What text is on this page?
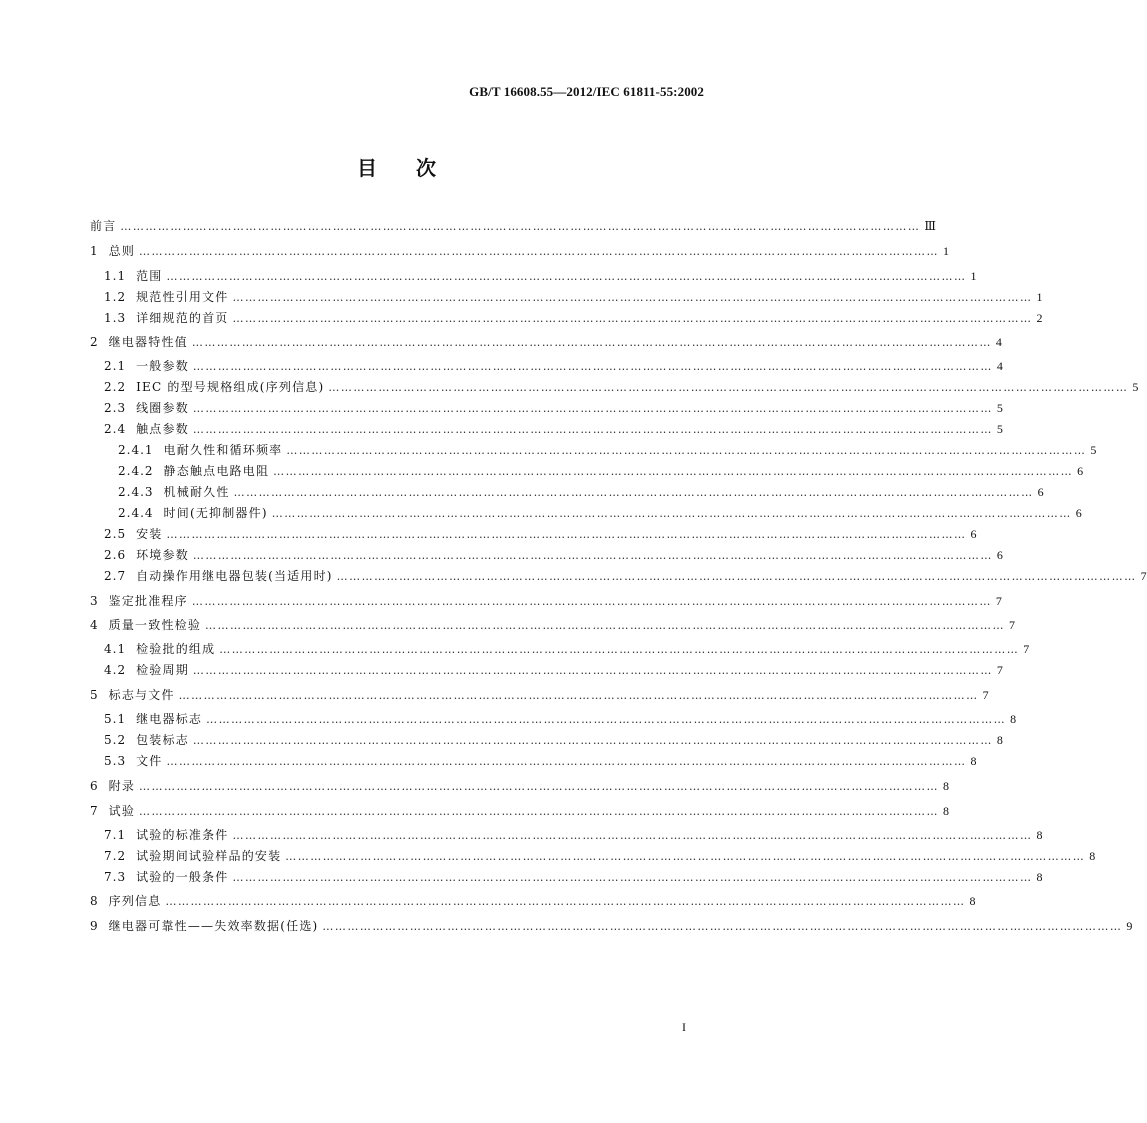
GB/T 16608.55—2012/IEC 61811-55:2002
目 次
前言 ………………………………………………………………………………………………………………………………………………………………………… Ⅲ
1 总则 ………………………………………………………………………………………………………………………………………………………………………… 1
1.1 范围 ………………………………………………………………………………………………………………………………………………………………………… 1
1.2 规范性引用文件 ………………………………………………………………………………………………………………………………………………………………………… 1
1.3 详细规范的首页 ………………………………………………………………………………………………………………………………………………………………………… 2
2 继电器特性值 ………………………………………………………………………………………………………………………………………………………………………… 4
2.1 一般参数 ………………………………………………………………………………………………………………………………………………………………………… 4
2.2 IEC 的型号规格组成(序列信息) ………………………………………………………………………………………………………………………………………………………………………… 5
2.3 线圈参数 ………………………………………………………………………………………………………………………………………………………………………… 5
2.4 触点参数 ………………………………………………………………………………………………………………………………………………………………………… 5
2.4.1 电耐久性和循环频率 ………………………………………………………………………………………………………………………………………………………………………… 5
2.4.2 静态触点电路电阻 ………………………………………………………………………………………………………………………………………………………………………… 6
2.4.3 机械耐久性 ………………………………………………………………………………………………………………………………………………………………………… 6
2.4.4 时间(无抑制器件) ………………………………………………………………………………………………………………………………………………………………………… 6
2.5 安装 ………………………………………………………………………………………………………………………………………………………………………… 6
2.6 环境参数 ………………………………………………………………………………………………………………………………………………………………………… 6
2.7 自动操作用继电器包装(当适用时) ………………………………………………………………………………………………………………………………………………………………………… 7
3 鉴定批准程序 ………………………………………………………………………………………………………………………………………………………………………… 7
4 质量一致性检验 ………………………………………………………………………………………………………………………………………………………………………… 7
4.1 检验批的组成 ………………………………………………………………………………………………………………………………………………………………………… 7
4.2 检验周期 ………………………………………………………………………………………………………………………………………………………………………… 7
5 标志与文件 ………………………………………………………………………………………………………………………………………………………………………… 7
5.1 继电器标志 ………………………………………………………………………………………………………………………………………………………………………… 8
5.2 包装标志 ………………………………………………………………………………………………………………………………………………………………………… 8
5.3 文件 ………………………………………………………………………………………………………………………………………………………………………… 8
6 附录 ………………………………………………………………………………………………………………………………………………………………………… 8
7 试验 ………………………………………………………………………………………………………………………………………………………………………… 8
7.1 试验的标准条件 ………………………………………………………………………………………………………………………………………………………………………… 8
7.2 试验期间试验样品的安装 ………………………………………………………………………………………………………………………………………………………………………… 8
7.3 试验的一般条件 ………………………………………………………………………………………………………………………………………………………………………… 8
8 序列信息 ………………………………………………………………………………………………………………………………………………………………………… 8
9 继电器可靠性——失效率数据(任选) ………………………………………………………………………………………………………………………………………………………………………… 9
I
